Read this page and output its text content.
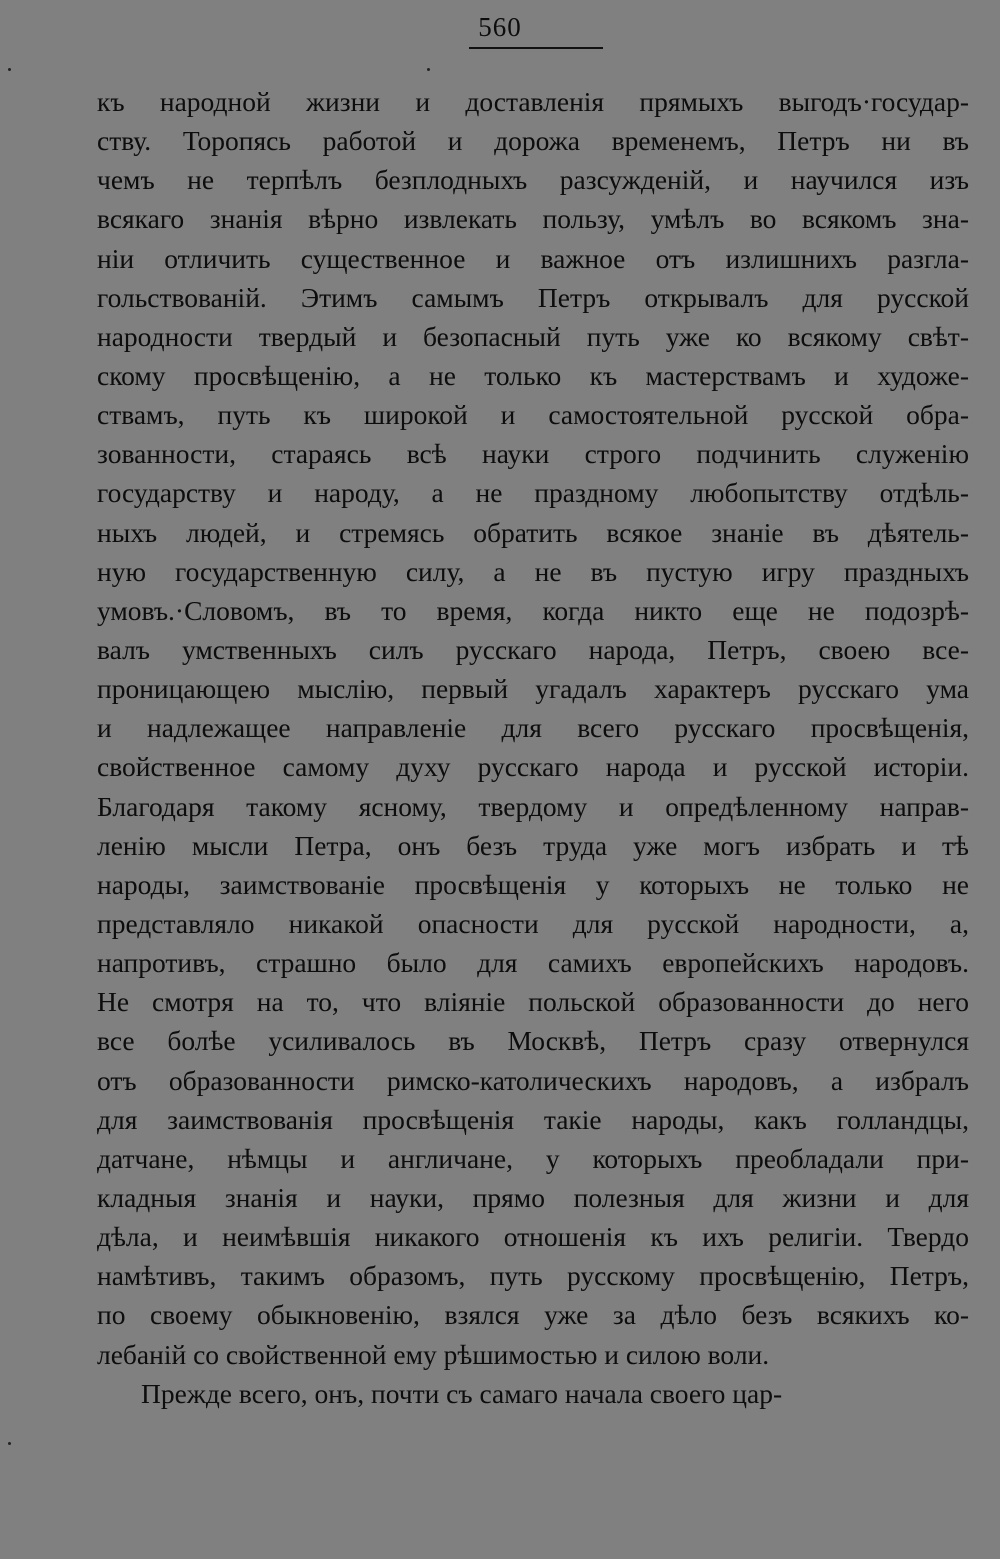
560
къ народной жизни и доставленія прямыхъ выгодъ·государ-
ству. Торопясь работой и дорожа временемъ, Петръ ни въ
чемъ не терпѣлъ безплодныхъ разсужденій, и научился изъ
всякаго знанія вѣрно извлекать пользу, умѣлъ во всякомъ зна-
ніи отличить существенное и важное отъ излишнихъ разгла-
гольствованій. Этимъ самымъ Петръ открывалъ для русской
народности твердый и безопасный путь уже ко всякому свѣт-
скому просвѣщенію, а не только къ мастерствамъ и художе-
ствамъ, путь къ широкой и самостоятельной русской обра-
зованности, стараясь всѣ науки строго подчинить служенію
государству и народу, а не праздному любопытству отдѣль-
ныхъ людей, и стремясь обратить всякое знаніе въ дѣятель-
ную государственную силу, а не въ пустую игру праздныхъ
умовъ.·Словомъ, въ то время, когда никто еще не подозрѣ-
валъ умственныхъ силъ русскаго народа, Петръ, своею все-
проницающею мыслію, первый угадалъ характеръ русскаго ума
и надлежащее направленіе для всего русскаго просвѣщенія,
свойственное самому духу русскаго народа и русской исторіи.
Благодаря такому ясному, твердому и опредѣленному направ-
ленію мысли Петра, онъ безъ труда уже могъ избрать и тѣ
народы, заимствованіе просвѣщенія у которыхъ не только не
представляло никакой опасности для русской народности, а,
напротивъ, страшно было для самихъ европейскихъ народовъ.
Не смотря на то, что вліяніе польской образованности до него
все болѣе усиливалось въ Москвѣ, Петръ сразу отвернулся
отъ образованности римско-католическихъ народовъ, а избралъ
для заимствованія просвѣщенія такіе народы, какъ голландцы,
датчане, нѣмцы и англичане, у которыхъ преобладали при-
кладныя знанія и науки, прямо полезныя для жизни и для
дѣла, и неимѣвшія никакого отношенія къ ихъ религіи. Твердо
намѣтивъ, такимъ образомъ, путь русскому просвѣщенію, Петръ,
по своему обыкновенію, взялся уже за дѣло безъ всякихъ ко-
лебаній со свойственной ему рѣшимостью и силою воли.
Прежде всего, онъ, почти съ самаго начала своего цар-
